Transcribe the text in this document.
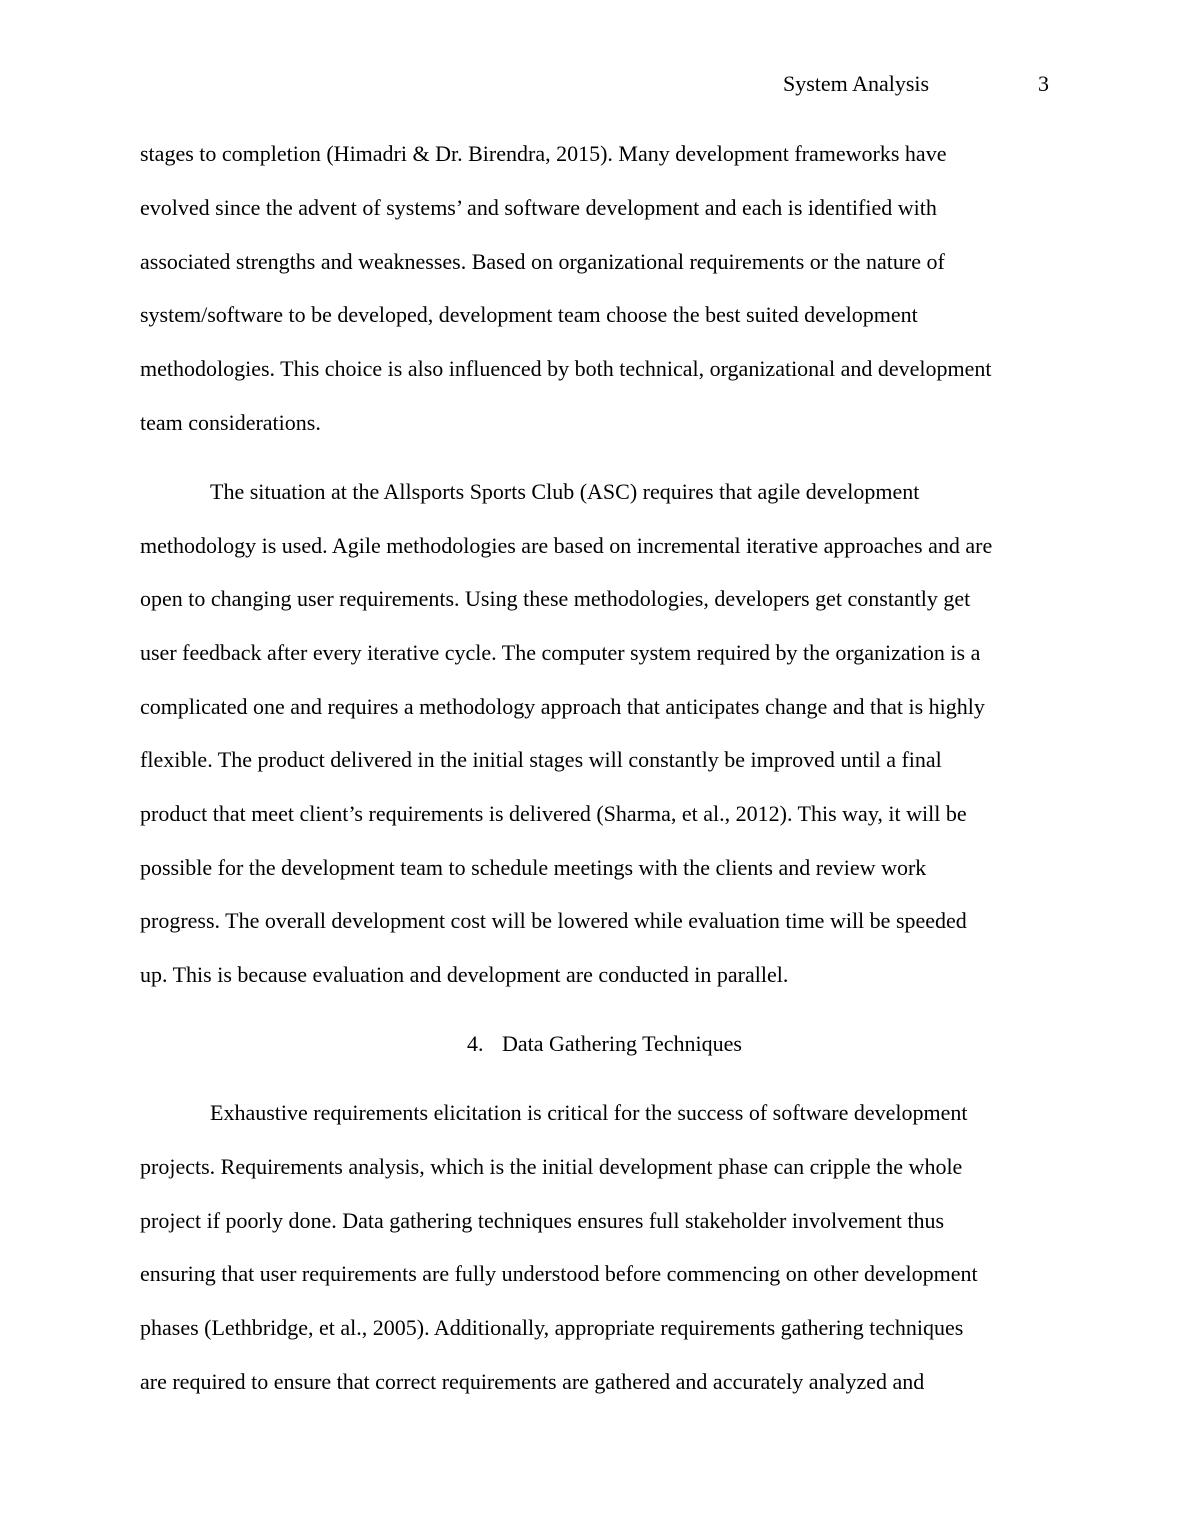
System Analysis	3
stages to completion (Himadri & Dr. Birendra, 2015). Many development frameworks have
evolved since the advent of systems’ and software development and each is identified with
associated strengths and weaknesses. Based on organizational requirements or the nature of
system/software to be developed, development team choose the best suited development
methodologies. This choice is also influenced by both technical, organizational and development
team considerations.
The situation at the Allsports Sports Club (ASC) requires that agile development
methodology is used. Agile methodologies are based on incremental iterative approaches and are
open to changing user requirements. Using these methodologies, developers get constantly get
user feedback after every iterative cycle. The computer system required by the organization is a
complicated one and requires a methodology approach that anticipates change and that is highly
flexible. The product delivered in the initial stages will constantly be improved until a final
product that meet client’s requirements is delivered (Sharma, et al., 2012). This way, it will be
possible for the development team to schedule meetings with the clients and review work
progress. The overall development cost will be lowered while evaluation time will be speeded
up. This is because evaluation and development are conducted in parallel.
4. Data Gathering Techniques
Exhaustive requirements elicitation is critical for the success of software development
projects. Requirements analysis, which is the initial development phase can cripple the whole
project if poorly done. Data gathering techniques ensures full stakeholder involvement thus
ensuring that user requirements are fully understood before commencing on other development
phases (Lethbridge, et al., 2005). Additionally, appropriate requirements gathering techniques
are required to ensure that correct requirements are gathered and accurately analyzed and
